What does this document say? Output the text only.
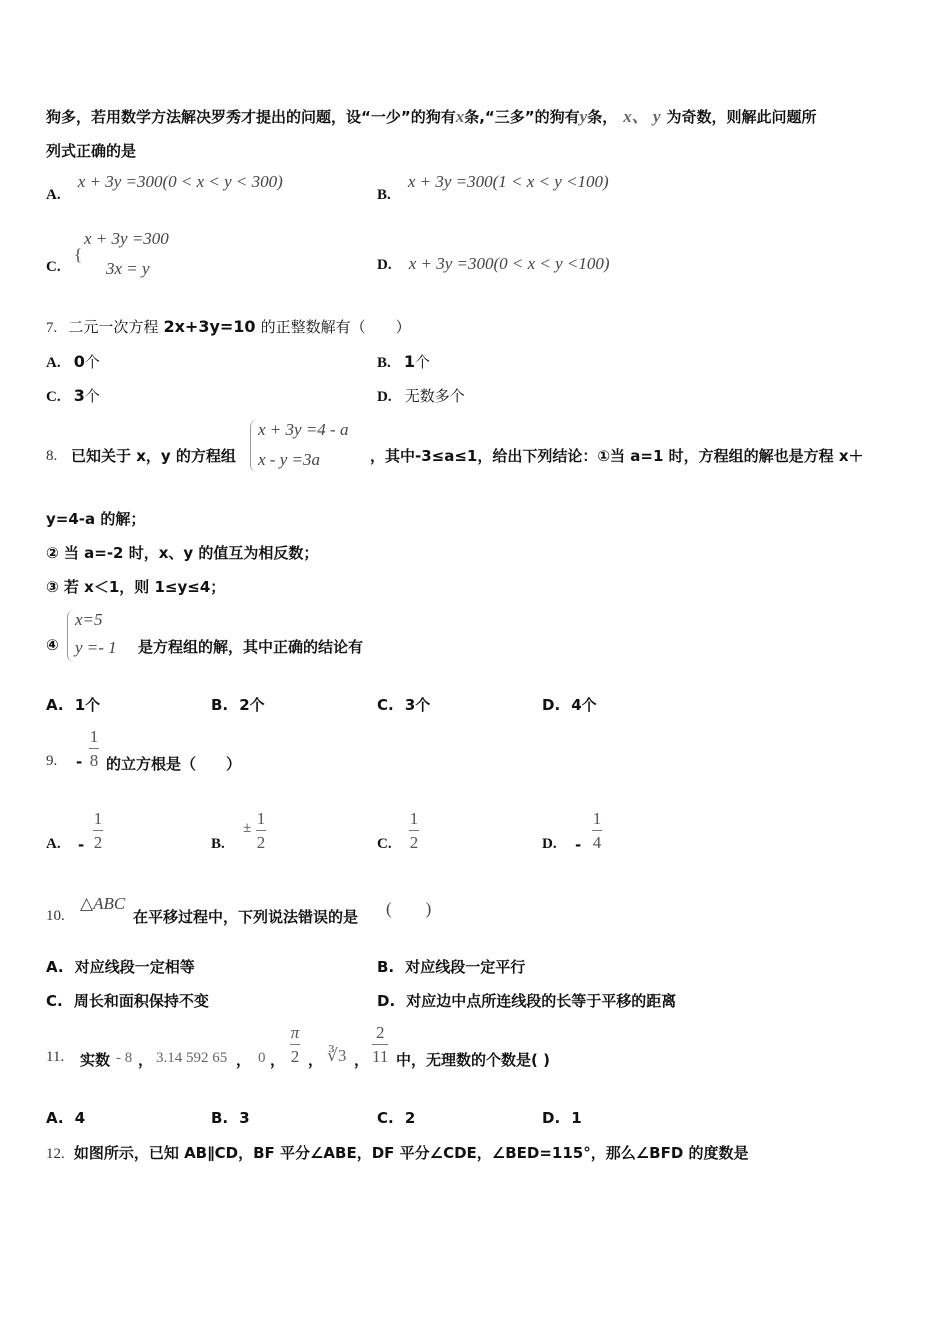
狗多，若用数学方法解决罗秀才提出的问题，设“一少”的狗有x条,“三多”的狗有y条， x、 y 为奇数，则解此问题所
列式正确的是
A. x + 3y =300(0 < x < y < 300)
B. x + 3y =300(1 < x < y <100)
C.
{
x + 3y =300
3x = y	D. x + 3y =300(0 < x < y <100)
7. 二元一次方程 2x+3y=10 的正整数解有（　　）
A. 0个	B. 1个
C. 3个	D. 无数多个
8. 已知关于 x，y 的方程组
x + 3y =4 - a
x - y =3a	，其中-3≤a≤1，给出下列结论：①当 a=1 时，方程组的解也是方程 x＋
y=4-a 的解；
② 当 a=-2 时，x、y 的值互为相反数；
③ 若 x＜1，则 1≤y≤4；
④
x=5
y =- 1 是方程组的解，其中正确的结论有
A. 1个	B. 2个	C. 3个	D. 4个
9. -
1
8 的立方根是（　　）
A. -
1
2	B.
± 1
2	C.
1
2	D. -
1
4
10.
△ABC
在平移过程中，下列说法错误的是 (　　)
A. 对应线段一定相等	B. 对应线段一定平行
C. 周长和面积保持不变	D. 对应边中点所连线段的长等于平移的距离
11. 实数 - 8 ， 3.14 592 65 ， 0 ，
π
2 ， ∛3 ，
2
11 中，无理数的个数是( )
A. 4	B. 3	C. 2	D. 1
12. 如图所示，已知 AB∥CD，BF 平分∠ABE，DF 平分∠CDE，∠BED=115°，那么∠BFD 的度数是
